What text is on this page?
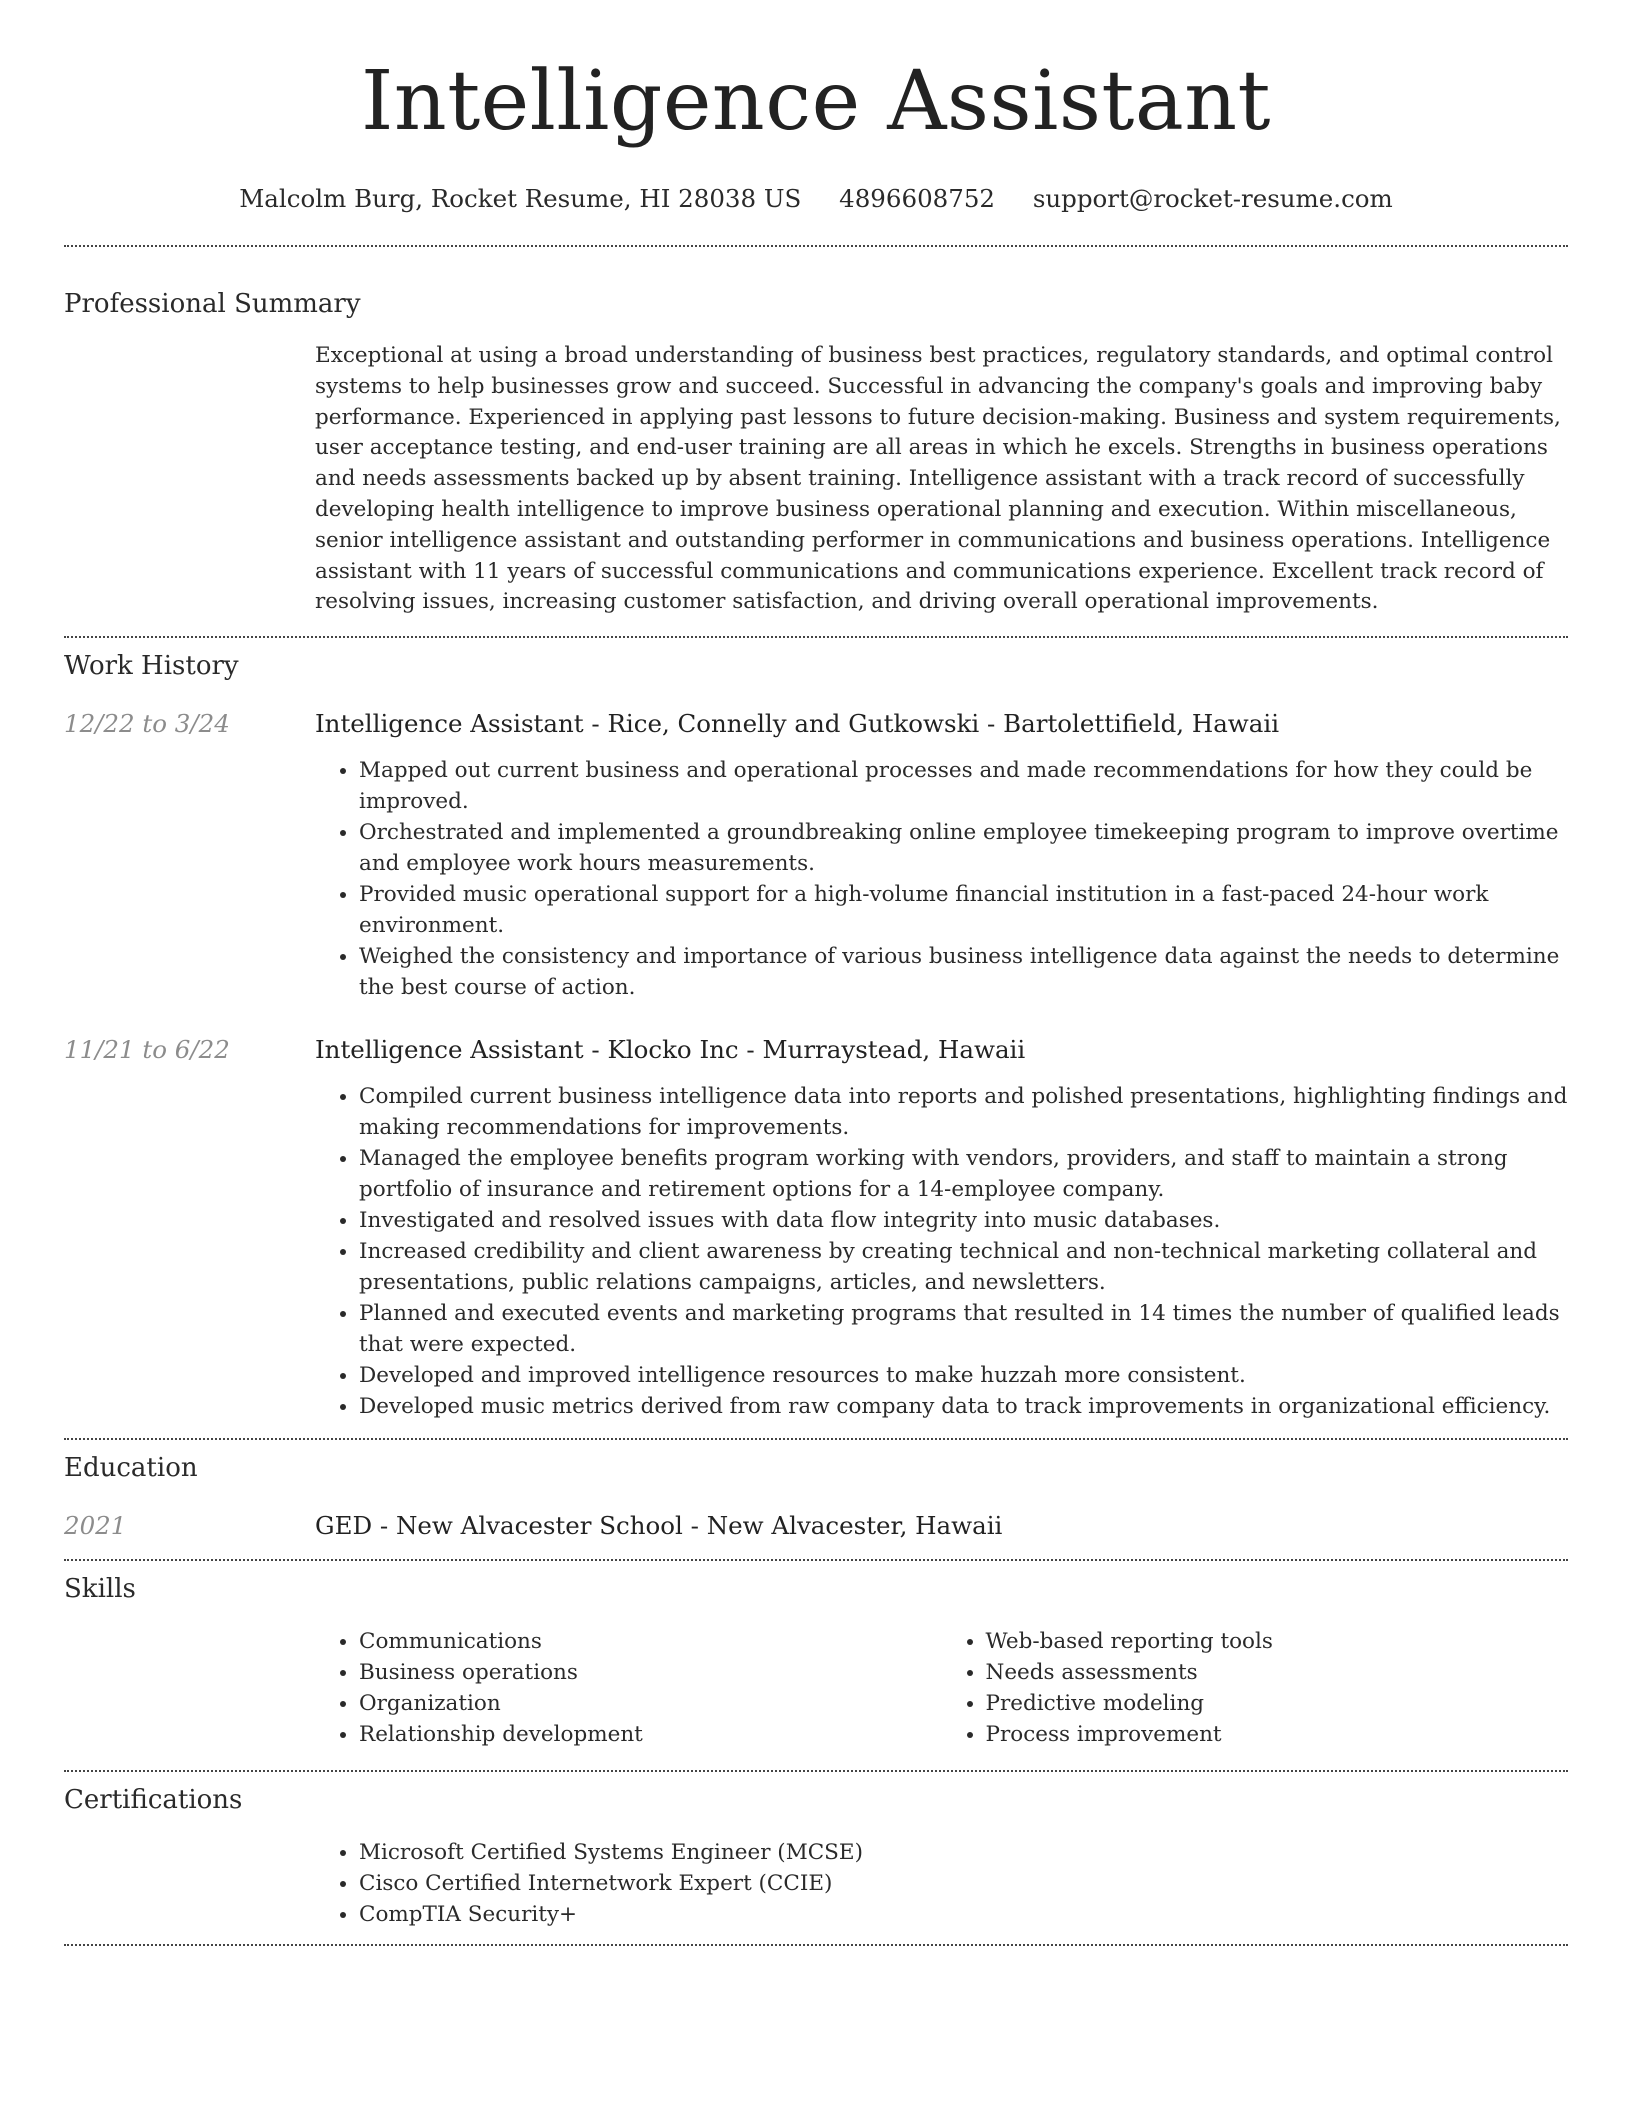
Intelligence Assistant
Malcolm Burg, Rocket Resume, HI 28038 US 4896608752 support@rocket-resume.com
Professional Summary

Exceptional at using a broad understanding of business best practices, regulatory standards, and optimal control systems to help businesses grow and succeed. Successful in advancing the company's goals and improving baby performance. Experienced in applying past lessons to future decision-making. Business and system requirements, user acceptance testing, and end-user training are all areas in which he excels. Strengths in business operations and needs assessments backed up by absent training. Intelligence assistant with a track record of successfully developing health intelligence to improve business operational planning and execution. Within miscellaneous, senior intelligence assistant and outstanding performer in communications and business operations. Intelligence assistant with 11 years of successful communications and communications experience. Excellent track record of resolving issues, increasing customer satisfaction, and driving overall operational improvements.

Work History
12/22 to 3/24	Intelligence Assistant - Rice, Connelly and Gutkowski - Bartolettifield, Hawaii
• Mapped out current business and operational processes and made recommendations for how they could be improved.
• Orchestrated and implemented a groundbreaking online employee timekeeping program to improve overtime and employee work hours measurements.
• Provided music operational support for a high-volume financial institution in a fast-paced 24-hour work environment.
• Weighed the consistency and importance of various business intelligence data against the needs to determine the best course of action.
11/21 to 6/22	Intelligence Assistant - Klocko Inc - Murraystead, Hawaii
• Compiled current business intelligence data into reports and polished presentations, highlighting findings and making recommendations for improvements.
• Managed the employee benefits program working with vendors, providers, and staff to maintain a strong portfolio of insurance and retirement options for a 14-employee company.
• Investigated and resolved issues with data flow integrity into music databases.
• Increased credibility and client awareness by creating technical and non-technical marketing collateral and presentations, public relations campaigns, articles, and newsletters.
• Planned and executed events and marketing programs that resulted in 14 times the number of qualified leads that were expected.
• Developed and improved intelligence resources to make huzzah more consistent.
• Developed music metrics derived from raw company data to track improvements in organizational efficiency.
Education
2021	GED - New Alvacester School - New Alvacester, Hawaii
Skills
• Communications
• Business operations
• Organization
• Relationship development
• Web-based reporting tools
• Needs assessments
• Predictive modeling
• Process improvement
Certifications
• Microsoft Certified Systems Engineer (MCSE)
• Cisco Certified Internetwork Expert (CCIE)
• CompTIA Security+
